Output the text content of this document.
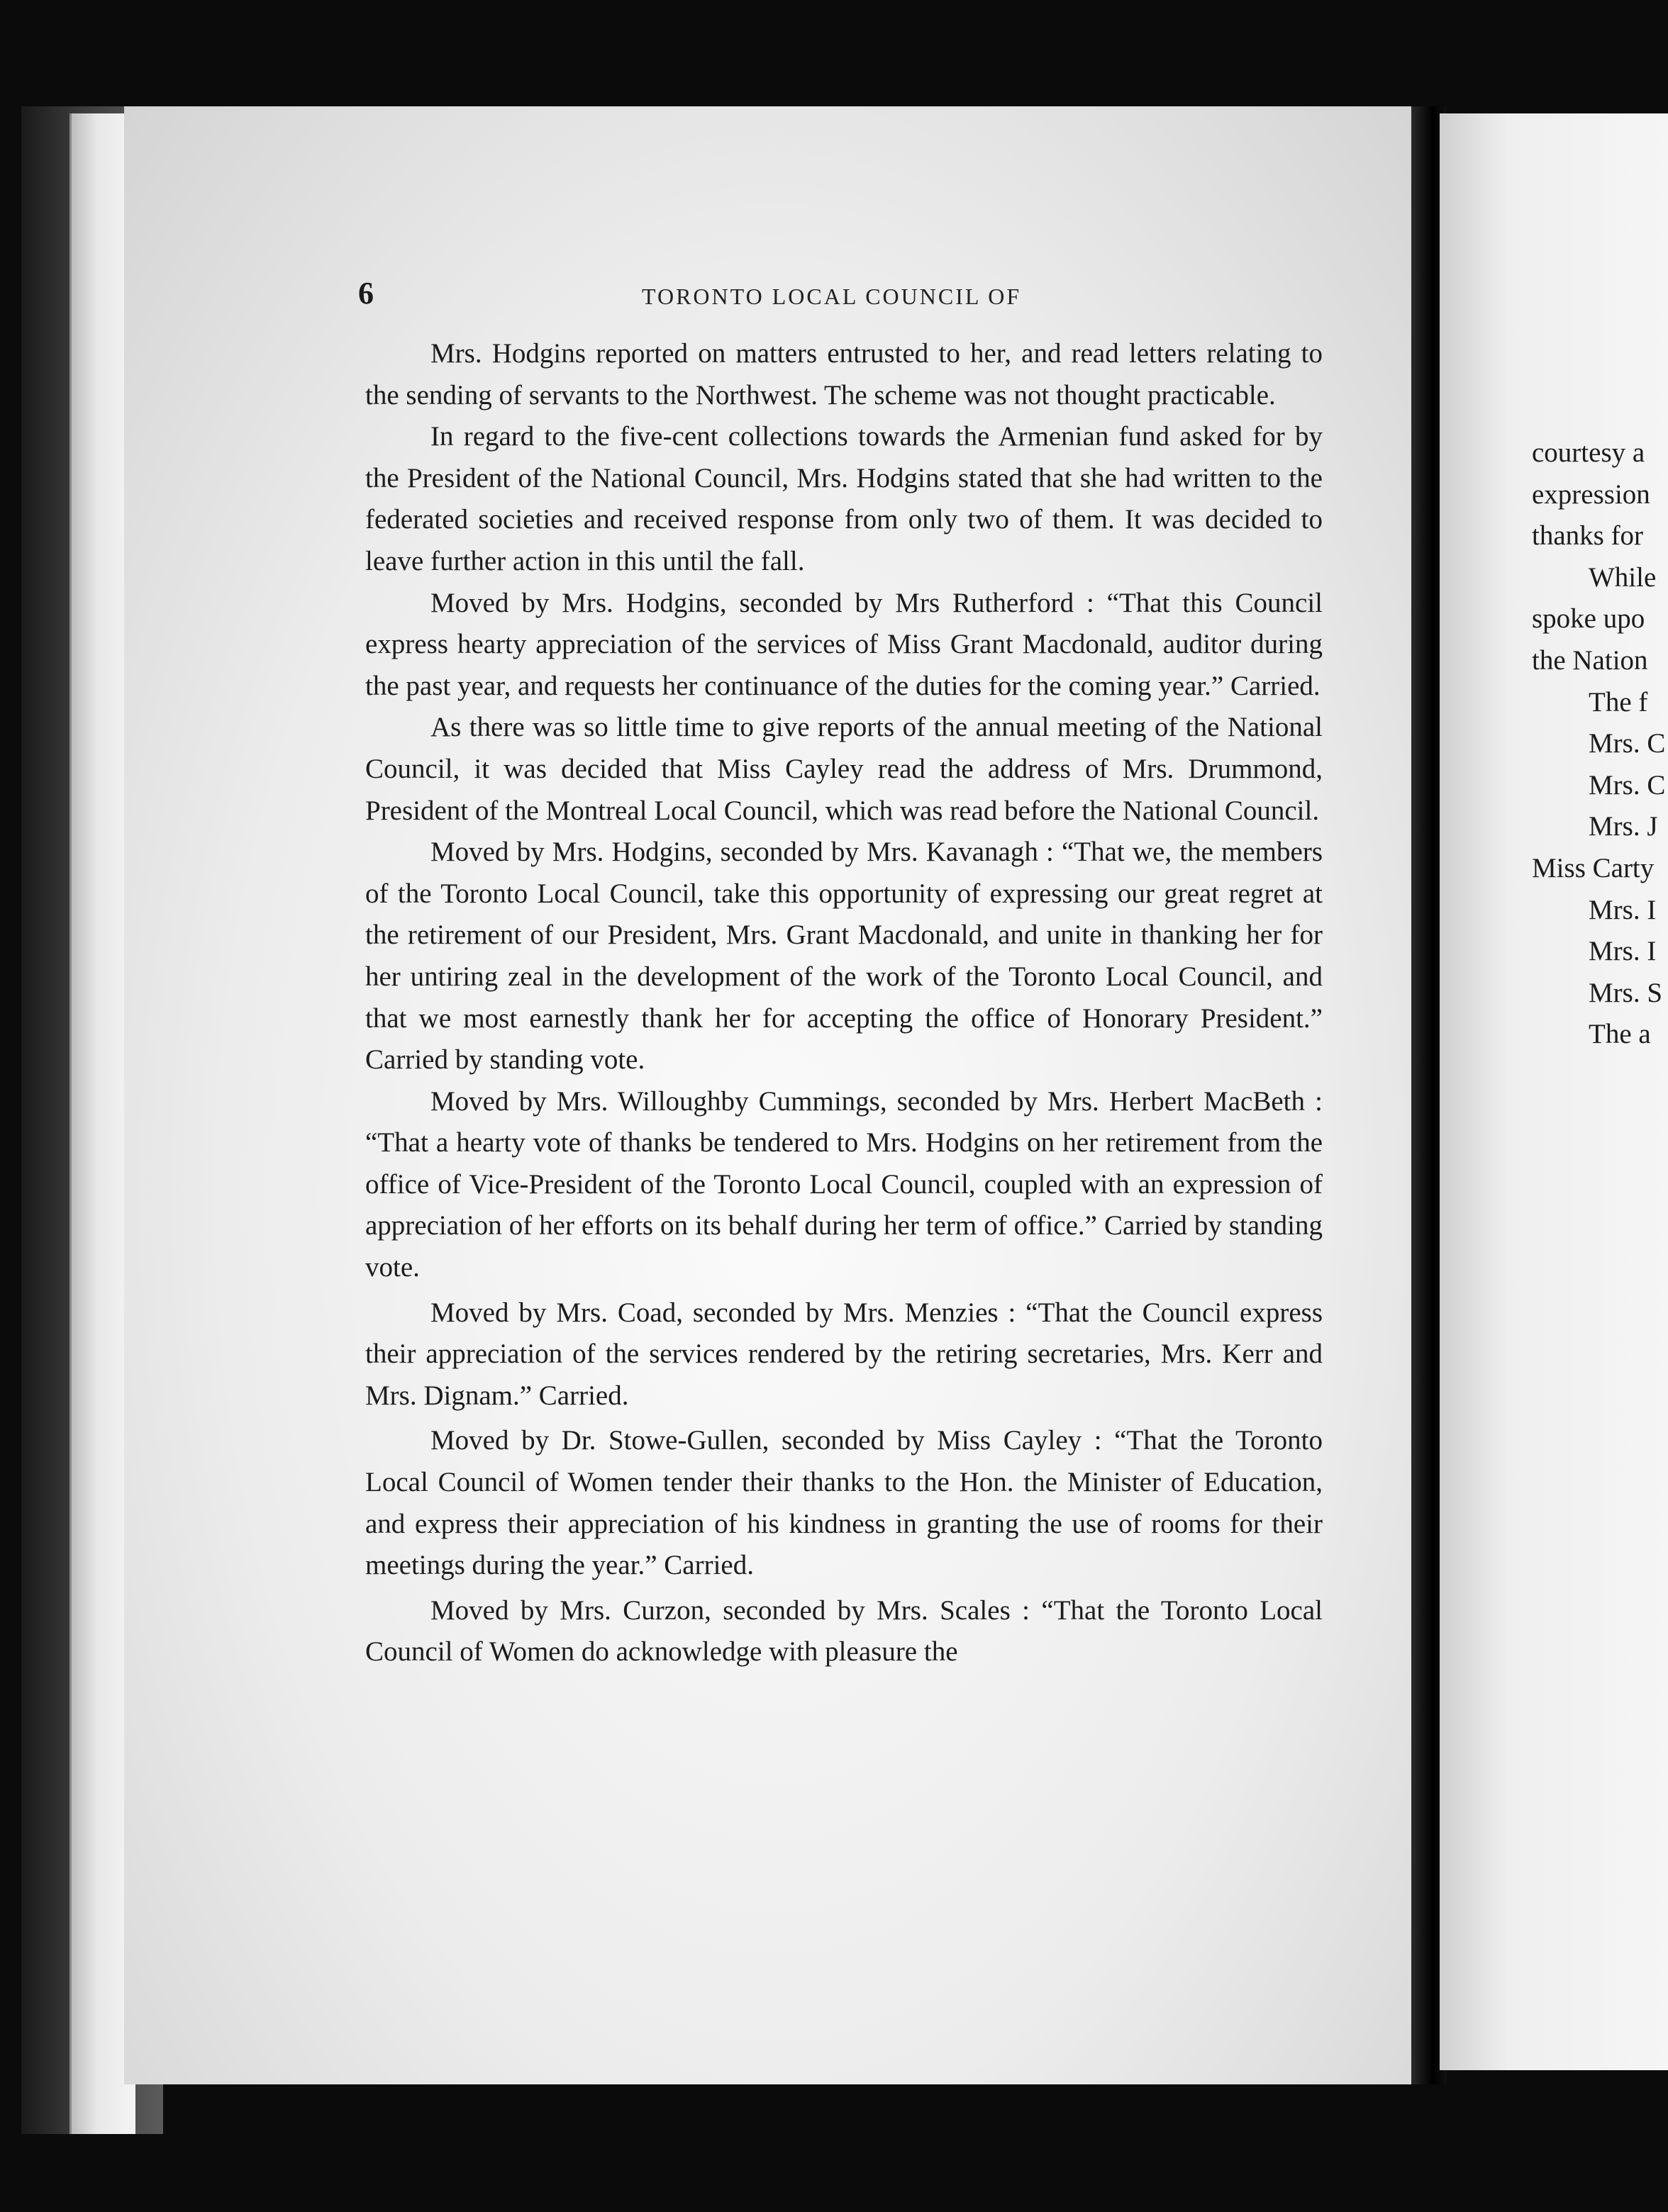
6	TORONTO LOCAL COUNCIL OF

Mrs. Hodgins reported on matters entrusted to her, and read letters relating to the sending of servants to the Northwest. The scheme was not thought practicable.

In regard to the five-cent collections towards the Armenian fund asked for by the President of the National Council, Mrs. Hodgins stated that she had written to the federated societies and received response from only two of them. It was decided to leave further action in this until the fall.

Moved by Mrs. Hodgins, seconded by Mrs Rutherford : “That this Council express hearty appreciation of the services of Miss Grant Macdonald, auditor during the past year, and requests her continuance of the duties for the coming year.” Carried.

As there was so little time to give reports of the annual meeting of the National Council, it was decided that Miss Cayley read the address of Mrs. Drummond, President of the Montreal Local Council, which was read before the National Council.

Moved by Mrs. Hodgins, seconded by Mrs. Kavanagh : “That we, the members of the Toronto Local Council, take this opportunity of expressing our great regret at the retirement of our President, Mrs. Grant Macdonald, and unite in thanking her for her untiring zeal in the development of the work of the Toronto Local Council, and that we most earnestly thank her for accepting the office of Honorary President.” Carried by standing vote.

Moved by Mrs. Willoughby Cummings, seconded by Mrs. Herbert MacBeth : “That a hearty vote of thanks be tendered to Mrs. Hodgins on her retirement from the office of Vice-President of the Toronto Local Council, coupled with an expression of appreciation of her efforts on its behalf during her term of office.” Carried by standing vote.

Moved by Mrs. Coad, seconded by Mrs. Menzies : “That the Council express their appreciation of the services rendered by the retiring secretaries, Mrs. Kerr and Mrs. Dignam.” Carried.

Moved by Dr. Stowe-Gullen, seconded by Miss Cayley : “That the Toronto Local Council of Women tender their thanks to the Hon. the Minister of Education, and express their appreciation of his kindness in granting the use of rooms for their meetings during the year.” Carried.

Moved by Mrs. Curzon, seconded by Mrs. Scales : “That the Toronto Local Council of Women do acknowledge with pleasure the

courtesy a
expression
thanks for
While
spoke upo
the Nation
The f
Mrs. C
Mrs. C
Mrs. J
Miss Carty
Mrs. I
Mrs. I
Mrs. S
The a
